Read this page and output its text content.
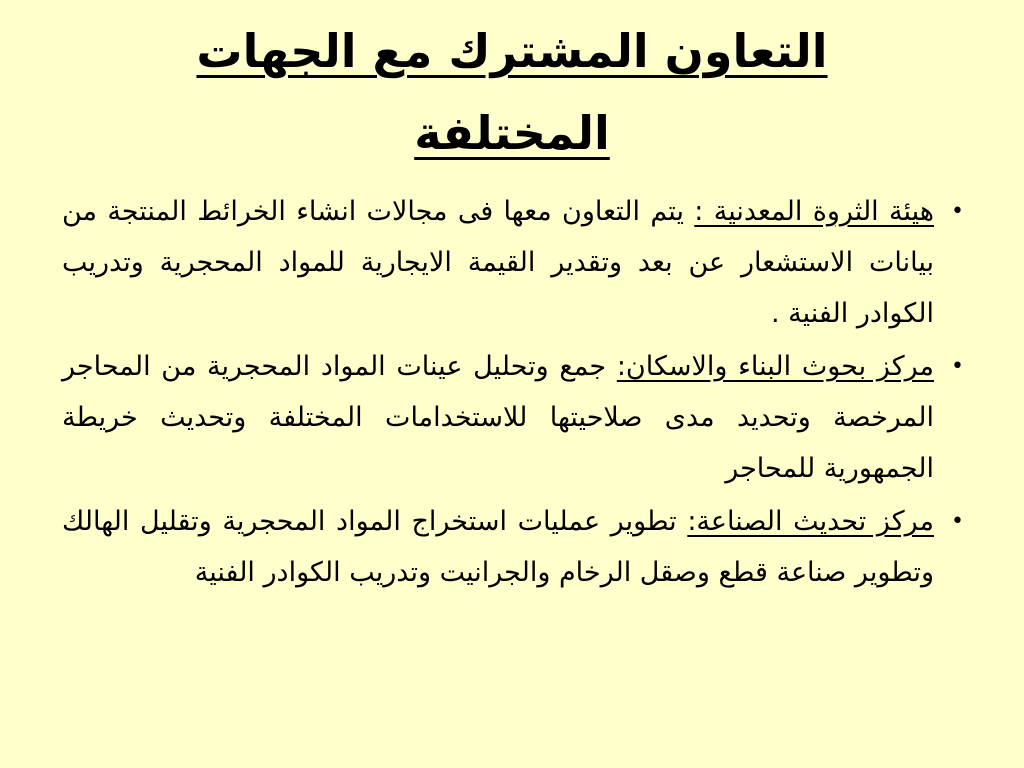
التعاون المشترك مع الجهات
المختلفة
•
هيئة الثروة المعدنية : يتم التعاون معها فى مجالات انشاء الخرائط المنتجة من بيانات الاستشعار عن بعد وتقدير القيمة الايجارية للمواد المحجرية وتدريب الكوادر الفنية .
•
مركز بحوث البناء والاسكان: جمع وتحليل عينات المواد المحجرية من المحاجر المرخصة وتحديد مدى صلاحيتها للاستخدامات المختلفة وتحديث خريطة الجمهورية للمحاجر
•
مركز تحديث الصناعة: تطوير عمليات استخراج المواد المحجرية وتقليل الهالك وتطوير صناعة قطع وصقل الرخام والجرانيت وتدريب الكوادر الفنية
